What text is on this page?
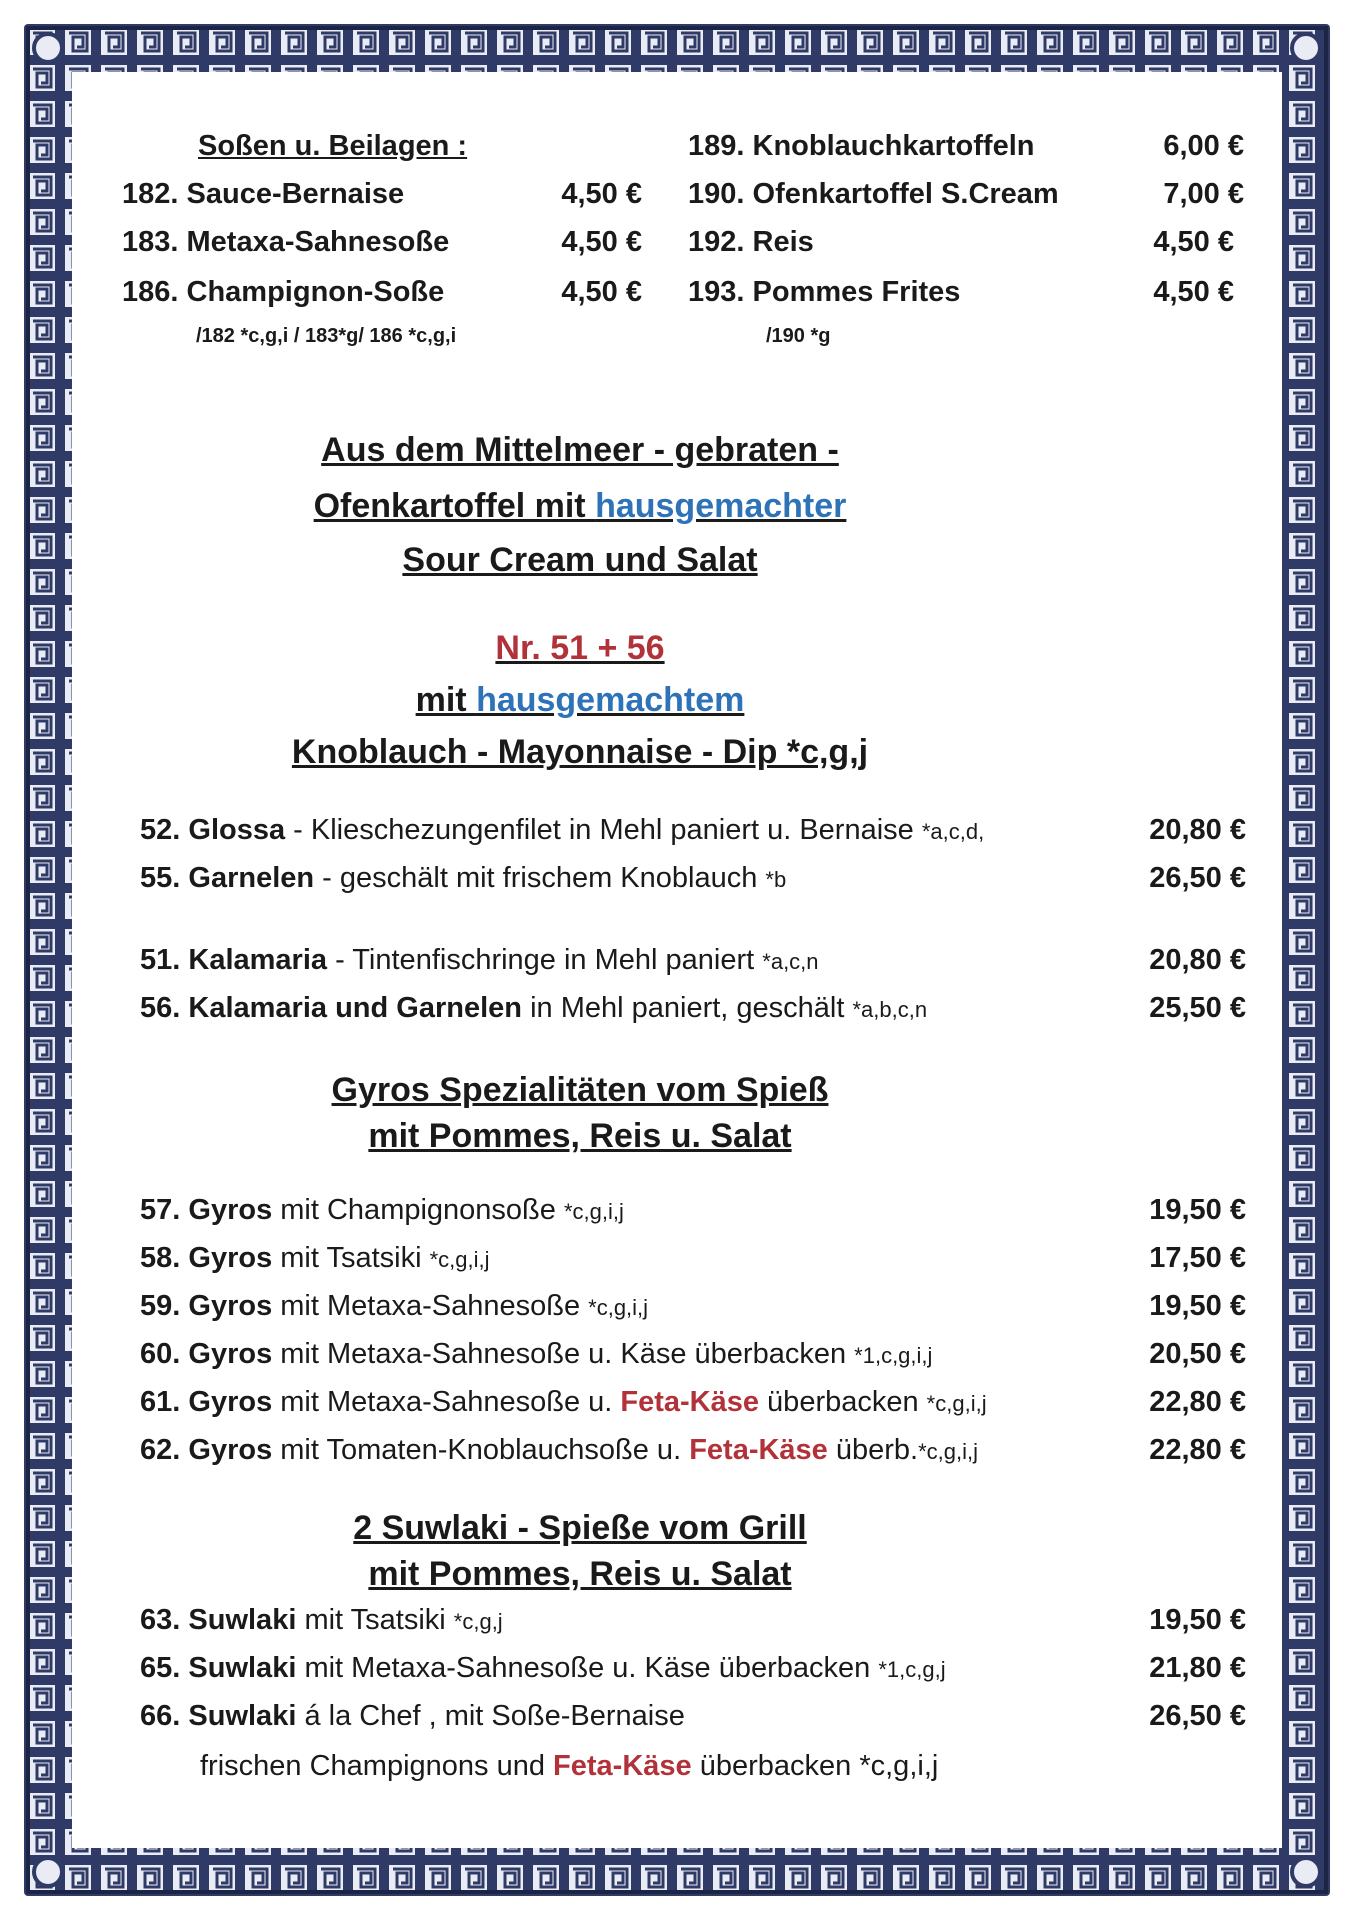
Soßen u. Beilagen :
182. Sauce-Bernaise	4,50 €
183. Metaxa-Sahnesoße	4,50 €
186. Champignon-Soße	4,50 €
/182 *c,g,i / 183*g/ 186 *c,g,i
189. Knoblauchkartoffeln	6,00 €
190. Ofenkartoffel S.Cream	7,00 €
192. Reis	4,50 €
193. Pommes Frites	4,50 €
/190 *g
Aus dem Mittelmeer - gebraten -
Ofenkartoffel mit hausgemachter
Sour Cream und Salat
Nr. 51 + 56
mit hausgemachtem
Knoblauch - Mayonnaise - Dip *c,g,j
52. Glossa - Klieschezungenfilet in Mehl paniert u. Bernaise *a,c,d,	20,80 €
55. Garnelen - geschält mit frischem Knoblauch *b	26,50 €
51. Kalamaria - Tintenfischringe in Mehl paniert *a,c,n	20,80 €
56. Kalamaria und Garnelen in Mehl paniert, geschält *a,b,c,n	25,50 €
Gyros Spezialitäten vom Spieß
mit Pommes, Reis u. Salat
57. Gyros mit Champignonsoße *c,g,i,j	19,50 €
58. Gyros mit Tsatsiki *c,g,i,j	17,50 €
59. Gyros mit Metaxa-Sahnesoße *c,g,i,j	19,50 €
60. Gyros mit Metaxa-Sahnesoße u. Käse überbacken *1,c,g,i,j	20,50 €
61. Gyros mit Metaxa-Sahnesoße u. Feta-Käse überbacken *c,g,i,j	22,80 €
62. Gyros mit Tomaten-Knoblauchsoße u. Feta-Käse überb.*c,g,i,j	22,80 €
2 Suwlaki - Spieße vom Grill
mit Pommes, Reis u. Salat
63. Suwlaki mit Tsatsiki *c,g,j	19,50 €
65. Suwlaki mit Metaxa-Sahnesoße u. Käse überbacken *1,c,g,j	21,80 €
66. Suwlaki á la Chef , mit Soße-Bernaise	26,50 €
frischen Champignons und Feta-Käse überbacken *c,g,i,j
